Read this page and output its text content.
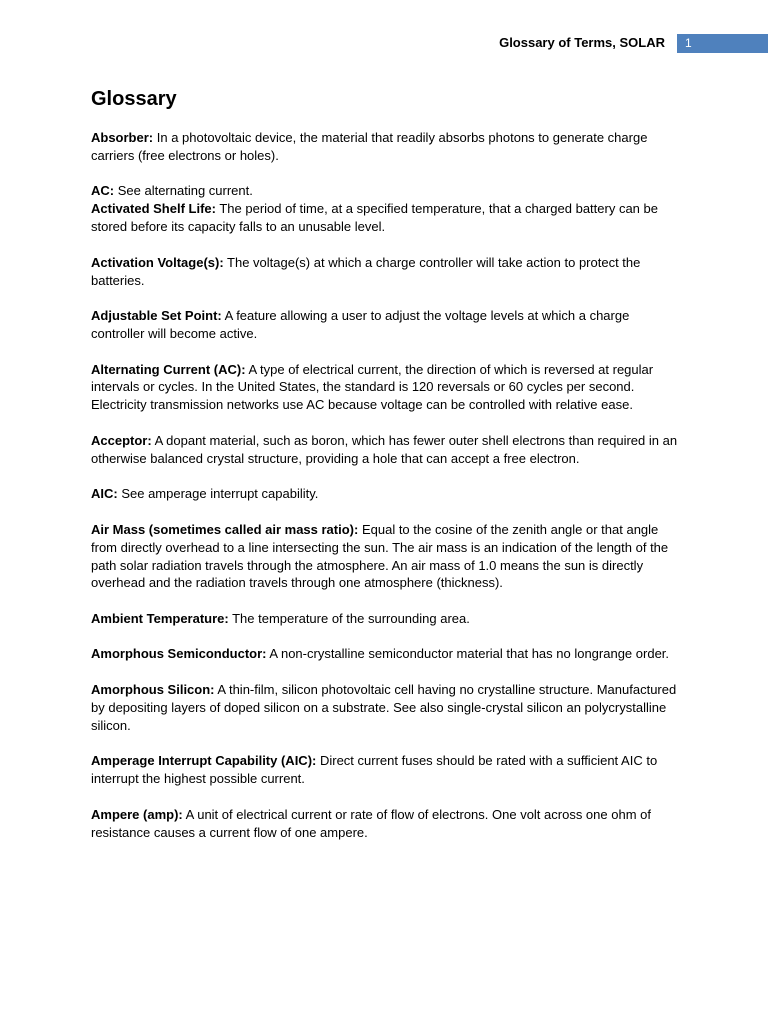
Glossary of Terms, SOLAR	1
Glossary

Absorber: In a photovoltaic device, the material that readily absorbs photons to generate charge carriers (free electrons or holes).

AC: See alternating current.

Activated Shelf Life: The period of time, at a specified temperature, that a charged battery can be stored before its capacity falls to an unusable level.

Activation Voltage(s): The voltage(s) at which a charge controller will take action to protect the batteries.

Adjustable Set Point: A feature allowing a user to adjust the voltage levels at which a charge controller will become active.

Alternating Current (AC): A type of electrical current, the direction of which is reversed at regular intervals or cycles. In the United States, the standard is 120 reversals or 60 cycles per second. Electricity transmission networks use AC because voltage can be controlled with relative ease.

Acceptor: A dopant material, such as boron, which has fewer outer shell electrons than required in an otherwise balanced crystal structure, providing a hole that can accept a free electron.

AIC: See amperage interrupt capability.

Air Mass (sometimes called air mass ratio): Equal to the cosine of the zenith angle or that angle from directly overhead to a line intersecting the sun. The air mass is an indication of the length of the path solar radiation travels through the atmosphere. An air mass of 1.0 means the sun is directly overhead and the radiation travels through one atmosphere (thickness).

Ambient Temperature: The temperature of the surrounding area.

Amorphous Semiconductor: A non-crystalline semiconductor material that has no longrange order.

Amorphous Silicon: A thin-film, silicon photovoltaic cell having no crystalline structure. Manufactured by depositing layers of doped silicon on a substrate. See also single-crystal silicon an polycrystalline silicon.

Amperage Interrupt Capability (AIC): Direct current fuses should be rated with a sufficient AIC to interrupt the highest possible current.

Ampere (amp): A unit of electrical current or rate of flow of electrons. One volt across one ohm of resistance causes a current flow of one ampere.
